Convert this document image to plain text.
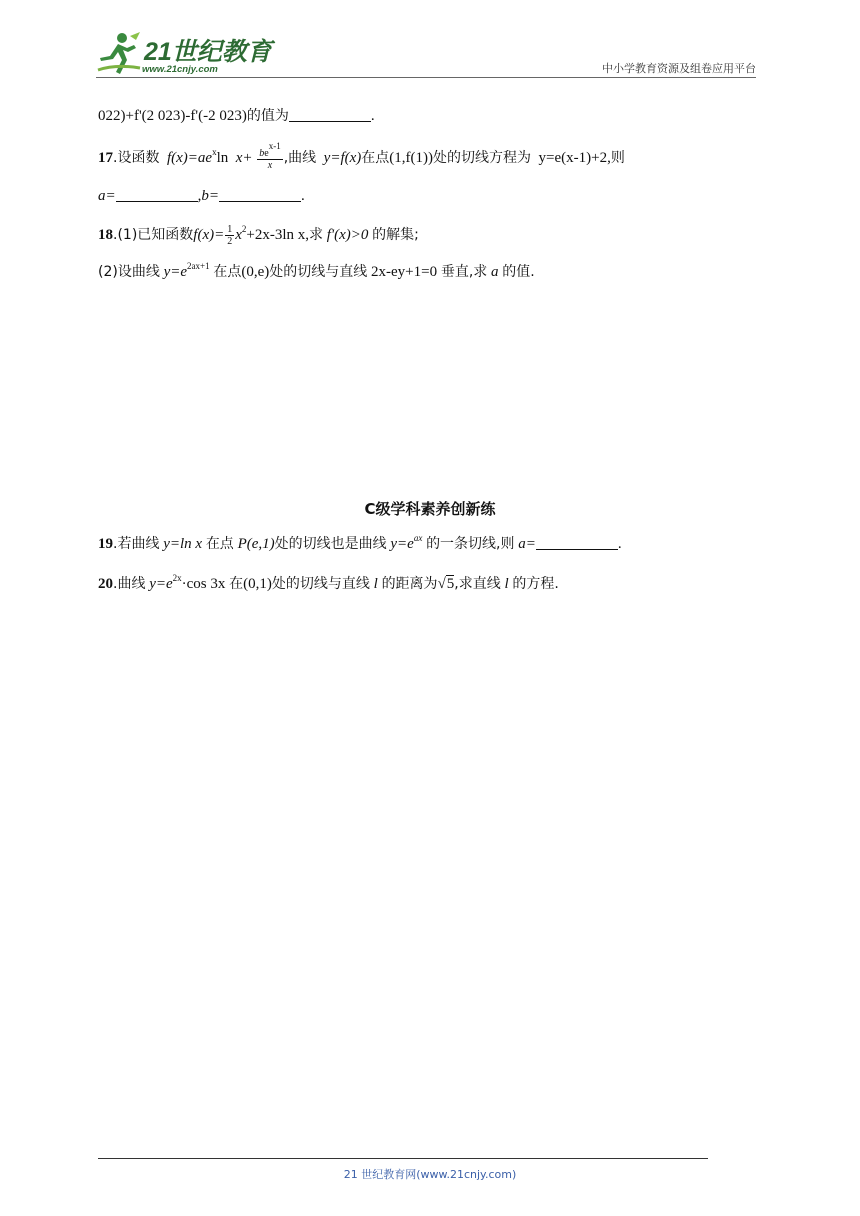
21世纪教育
www.21cnjy.com	中小学教育资源及组卷应用平台
022)+f'(2 023)-f'(-2 023)的值为	.
17.设函数 $f(x)=ae^x\ln$ $x+ \frac{be^{x-1}}{x}$ ,曲线 y=f(x)在点(1,f(1))处的切线方程为 y=e(x-1)+2,则
a=	,b=	.
18.(1)已知函数$f(x)= \frac{1}{2} x^2+2x-3\ln$ x,求 f'(x)>0 的解集;
(2)设曲线 $y=e^{2ax+1}$ 在点(0,e)处的切线与直线 2x-ey+1=0 垂直,求 a 的值.
C级学科素养创新练
19.若曲线 y=ln x 在点 P(e,1)处的切线也是曲线 $y=e^{ax}$ 的一条切线,则 a=	.
20.曲线 $y=e^{2x}\cdot\cos$ 3x 在(0,1)处的切线与直线 l 的距离为√5,求直线 l 的方程.
21 世纪教育网(www.21cnjy.com)
